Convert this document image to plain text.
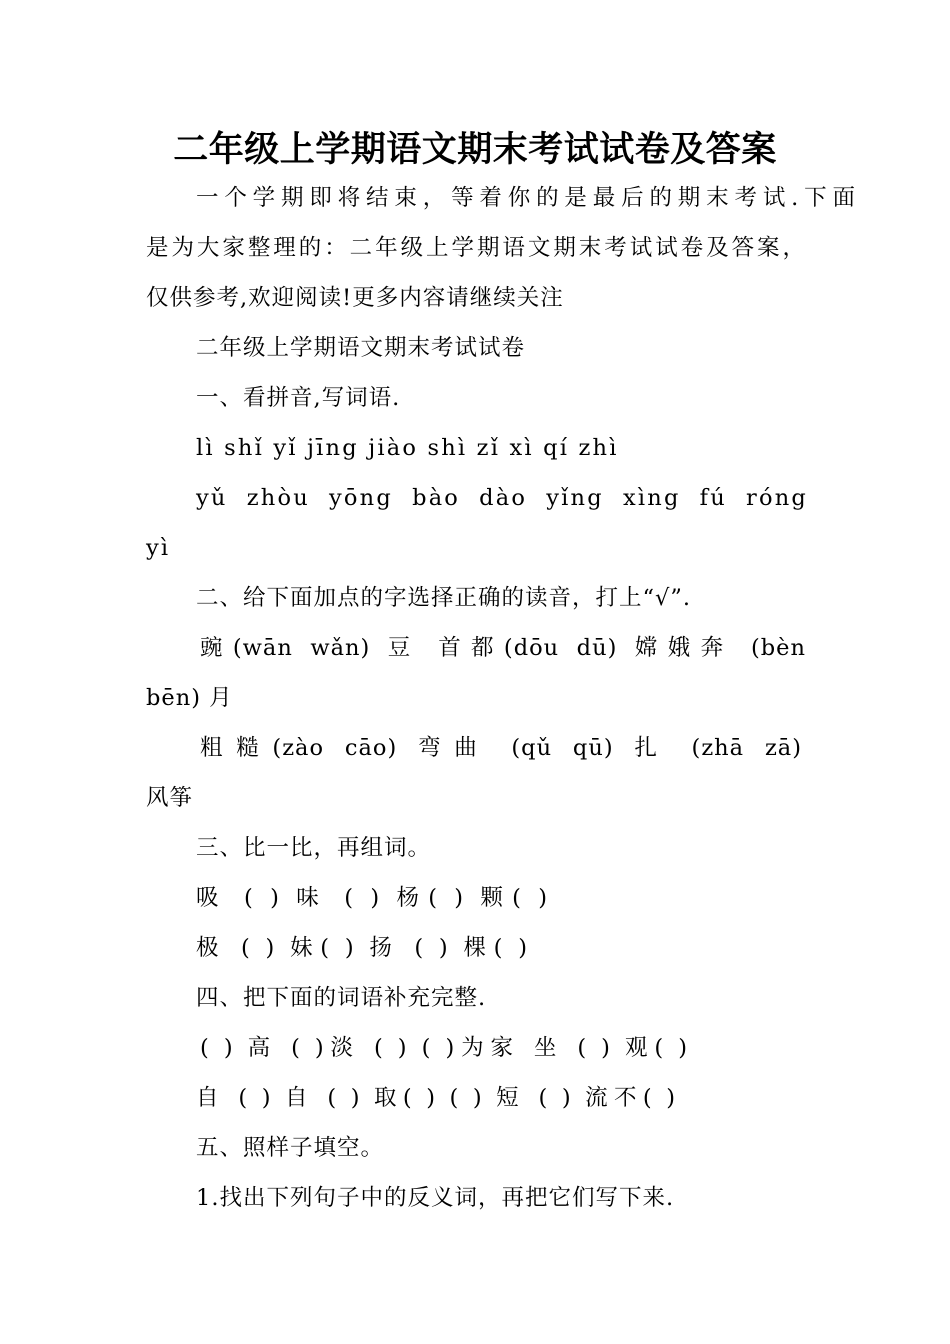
二年级上学期语文期末考试试卷及答案
一个学期即将结束，等着你的是最后的期末考试.下面
是为大家整理的：二年级上学期语文期末考试试卷及答案，
仅供参考,欢迎阅读!更多内容请继续关注
二年级上学期语文期末考试试卷
一、看拼音,写词语.
lì shǐ yǐ jīng jiào shì zǐ xì qí zhì
yǔ zhòu yōng bào dào yǐng xìng fú róng
yì
二、给下面加点的字选择正确的读音，打上“√”.
豌(wān wǎn) 豆 首都(dōu dū) 嫦娥奔 (bèn
bēn) 月
粗糙(zào cāo) 弯曲 (qǔ qū) 扎 (zhā zā)
风筝
三、比一比，再组词。
吸 ( ) 味 ( ) 杨( ) 颗( )
极 ( ) 妹( ) 扬 ( ) 棵( )
四、把下面的词语补充完整.
( ) 高 ( )淡 ( ) ( )为家 坐 ( ) 观( )
自 ( ) 自 ( ) 取( ) ( ) 短 ( ) 流不( )
五、照样子填空。
1.找出下列句子中的反义词，再把它们写下来.
